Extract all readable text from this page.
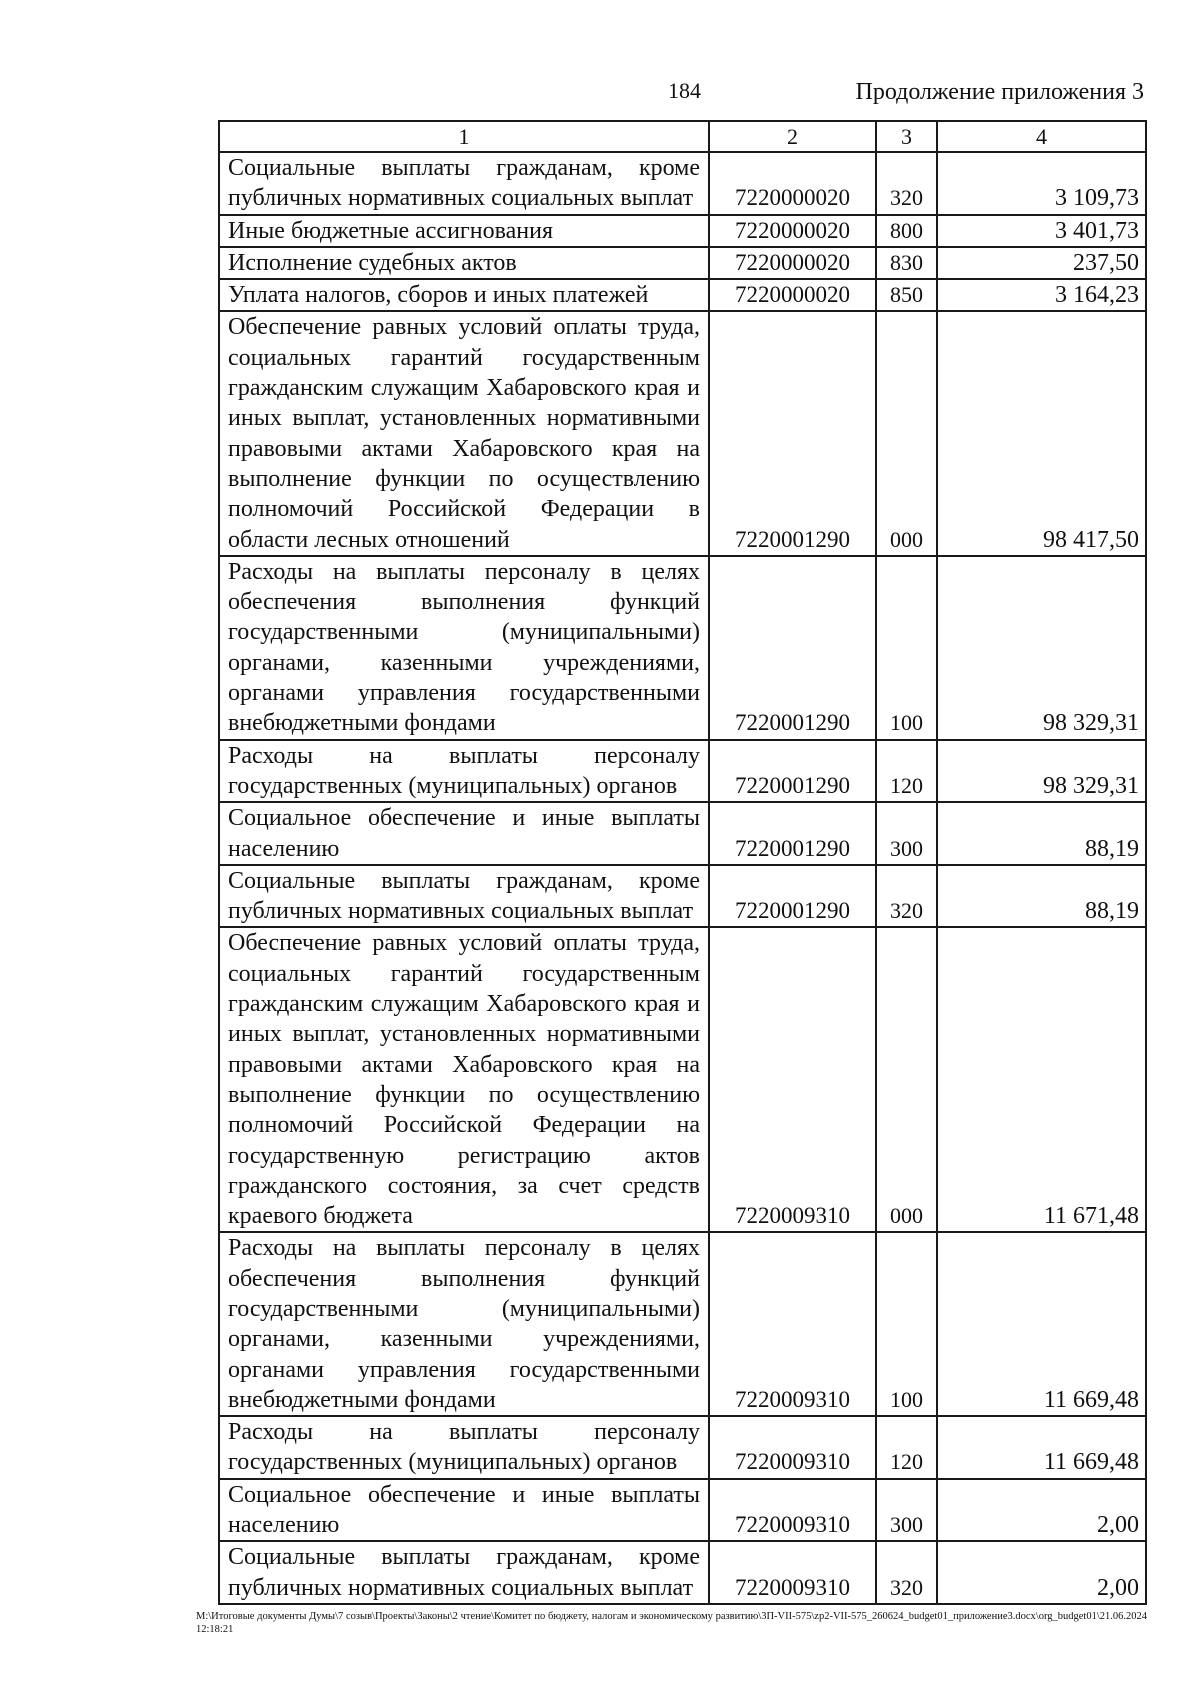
184	Продолжение приложения 3
1	2	3	4
Социальные выплаты гражданам, кроме публичных нормативных социальных выплат	7220000020	320	3 109,73
Иные бюджетные ассигнования	7220000020	800	3 401,73
Исполнение судебных актов	7220000020	830	237,50
Уплата налогов, сборов и иных платежей	7220000020	850	3 164,23
Обеспечение равных условий оплаты труда, социальных гарантий государственным гражданским служащим Хабаровского края и иных выплат, установленных нормативными правовыми актами Хабаровского края на выполнение функции по осуществлению полномочий Российской Федерации в области лесных отношений	7220001290	000	98 417,50
Расходы на выплаты персоналу в целях обеспечения выполнения функций государственными (муниципальными) органами, казенными учреждениями, органами управления государственными внебюджетными фондами	7220001290	100	98 329,31
Расходы на выплаты персоналу государственных (муниципальных) органов	7220001290	120	98 329,31
Социальное обеспечение и иные выплаты населению	7220001290	300	88,19
Социальные выплаты гражданам, кроме публичных нормативных социальных выплат	7220001290	320	88,19
Обеспечение равных условий оплаты труда, социальных гарантий государственным гражданским служащим Хабаровского края и иных выплат, установленных нормативными правовыми актами Хабаровского края на выполнение функции по осуществлению полномочий Российской Федерации на государственную регистрацию актов гражданского состояния, за счет средств краевого бюджета	7220009310	000	11 671,48
Расходы на выплаты персоналу в целях обеспечения выполнения функций государственными (муниципальными) органами, казенными учреждениями, органами управления государственными внебюджетными фондами	7220009310	100	11 669,48
Расходы на выплаты персоналу государственных (муниципальных) органов	7220009310	120	11 669,48
Социальное обеспечение и иные выплаты населению	7220009310	300	2,00
Социальные выплаты гражданам, кроме публичных нормативных социальных выплат	7220009310	320	2,00
M:\Итоговые документы Думы\7 созыв\Проекты\Законы\2 чтение\Комитет по бюджету, налогам и экономическому развитию\3П-VII-575\zp2-VII-575_260624_budget01_приложение3.docx\org_budget01\21.06.2024 12:18:21
